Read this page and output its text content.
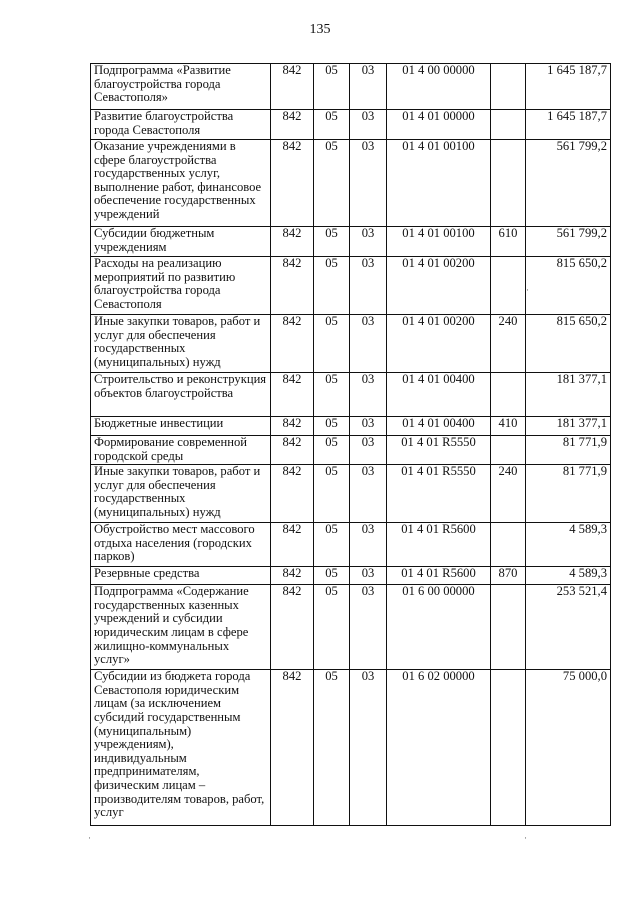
135
Подпрограмма «Развитие благоустройства города Севастополя»	842	05	03	01 4 00 00000		1 645 187,7
Развитие благоустройства города Севастополя	842	05	03	01 4 01 00000		1 645 187,7
Оказание учреждениями в сфере благоустройства государственных услуг, выполнение работ, финансовое обеспечение государственных учреждений	842	05	03	01 4 01 00100		561 799,2
Субсидии бюджетным учреждениям	842	05	03	01 4 01 00100	610	561 799,2
Расходы на реализацию мероприятий по развитию благоустройства города Севастополя	842	05	03	01 4 01 00200		815 650,2
Иные закупки товаров, работ и услуг для обеспечения государственных (муниципальных) нужд	842	05	03	01 4 01 00200	240	815 650,2
Строительство и реконструкция объектов благоустройства	842	05	03	01 4 01 00400		181 377,1
Бюджетные инвестиции	842	05	03	01 4 01 00400	410	181 377,1
Формирование современной городской среды	842	05	03	01 4 01 R5550		81 771,9
Иные закупки товаров, работ и услуг для обеспечения государственных (муниципальных) нужд	842	05	03	01 4 01 R5550	240	81 771,9
Обустройство мест массового отдыха населения (городских парков)	842	05	03	01 4 01 R5600		4 589,3
Резервные средства	842	05	03	01 4 01 R5600	870	4 589,3
Подпрограмма «Содержание государственных казенных учреждений и субсидии юридическим лицам в сфере жилищно-коммунальных услуг»	842	05	03	01 6 00 00000		253 521,4
Субсидии из бюджета города Севастополя юридическим лицам (за исключением субсидий государственным (муниципальным) учреждениям), индивидуальным предпринимателям, физическим лицам – производителям товаров, работ, услуг	842	05	03	01 6 02 00000		75 000,0
·
·	·
